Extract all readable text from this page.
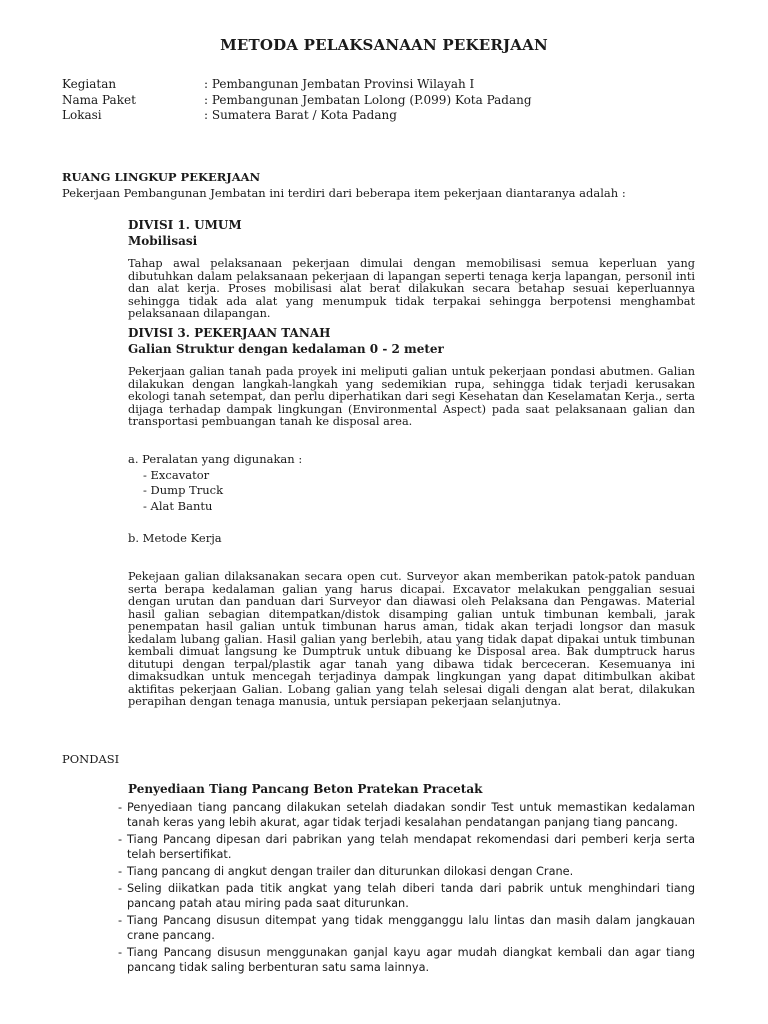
METODA PELAKSANAAN PEKERJAAN
Kegiatan	: Pembangunan Jembatan Provinsi Wilayah I
Nama Paket	: Pembangunan Jembatan Lolong (P.099) Kota Padang
Lokasi	: Sumatera Barat / Kota Padang
RUANG LINGKUP PEKERJAAN
Pekerjaan Pembangunan Jembatan ini terdiri dari beberapa item pekerjaan diantaranya adalah :
DIVISI 1. UMUM
Mobilisasi
Tahap awal pelaksanaan pekerjaan dimulai dengan memobilisasi semua keperluan yang dibutuhkan dalam pelaksanaan pekerjaan di lapangan seperti tenaga kerja lapangan, personil inti dan alat kerja. Proses mobilisasi alat berat dilakukan secara betahap sesuai keperluannya sehingga tidak ada alat yang menumpuk tidak terpakai sehingga berpotensi menghambat pelaksanaan dilapangan.
DIVISI 3. PEKERJAAN TANAH
Galian Struktur dengan kedalaman 0 - 2 meter
Pekerjaan galian tanah pada proyek ini meliputi galian untuk pekerjaan pondasi abutmen. Galian dilakukan dengan langkah-langkah yang sedemikian rupa, sehingga tidak terjadi kerusakan ekologi tanah setempat, dan perlu diperhatikan dari segi Kesehatan dan Keselamatan Kerja., serta dijaga terhadap dampak lingkungan (Environmental Aspect) pada saat pelaksanaan galian dan transportasi pembuangan tanah ke disposal area.
a. Peralatan yang digunakan :
- Excavator
- Dump Truck
- Alat Bantu
b. Metode Kerja
Pekejaan galian dilaksanakan secara open cut. Surveyor akan memberikan patok-patok panduan serta berapa kedalaman galian yang harus dicapai. Excavator melakukan penggalian sesuai dengan urutan dan panduan dari Surveyor dan diawasi oleh Pelaksana dan Pengawas. Material hasil galian sebagian ditempatkan/distok disamping galian untuk timbunan kembali, jarak penempatan hasil galian untuk timbunan harus aman, tidak akan terjadi longsor dan masuk kedalam lubang galian. Hasil galian yang berlebih, atau yang tidak dapat dipakai untuk timbunan kembali dimuat langsung ke Dumptruk untuk dibuang ke Disposal area. Bak dumptruck harus ditutupi dengan terpal/plastik agar tanah yang dibawa tidak berceceran. Kesemuanya ini dimaksudkan untuk mencegah terjadinya dampak lingkungan yang dapat ditimbulkan akibat aktifitas pekerjaan Galian. Lobang galian yang telah selesai digali dengan alat berat, dilakukan perapihan dengan tenaga manusia, untuk persiapan pekerjaan selanjutnya.
PONDASI
Penyediaan Tiang Pancang Beton Pratekan Pracetak
- Penyediaan tiang pancang dilakukan setelah diadakan sondir Test untuk memastikan kedalaman tanah keras yang lebih akurat, agar tidak terjadi kesalahan pendatangan panjang tiang pancang.
- Tiang Pancang dipesan dari pabrikan yang telah mendapat rekomendasi dari pemberi kerja serta telah bersertifikat.
- Tiang pancang di angkut dengan trailer dan diturunkan dilokasi dengan Crane.
- Seling diikatkan pada titik angkat yang telah diberi tanda dari pabrik untuk menghindari tiang pancang patah atau miring pada saat diturunkan.
- Tiang Pancang disusun ditempat yang tidak mengganggu lalu lintas dan masih dalam jangkauan crane pancang.
- Tiang Pancang disusun menggunakan ganjal kayu agar mudah diangkat kembali dan agar tiang pancang tidak saling berbenturan satu sama lainnya.
